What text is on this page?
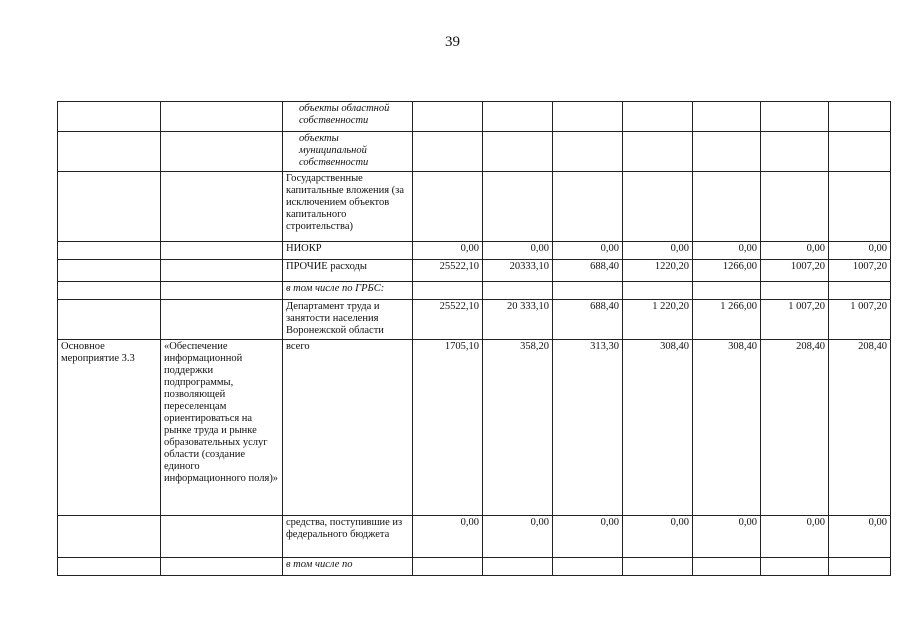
39
		объекты областной собственности							
		объекты муниципальной собственности							
		Государственные капитальные вложения (за исключением объектов капитального строительства)							
		НИОКР	0,00	0,00	0,00	0,00	0,00	0,00	0,00
		ПРОЧИЕ расходы	25522,10	20333,10	688,40	1220,20	1266,00	1007,20	1007,20
		в том числе по ГРБС:							
		Департамент труда и занятости населения Воронежской области	25522,10	20 333,10	688,40	1 220,20	1 266,00	1 007,20	1 007,20
Основное мероприятие 3.3	«Обеспечение информационной поддержки подпрограммы, позволяющей переселенцам ориентироваться на рынке труда и рынке образовательных услуг области (создание единого информационного поля)»	всего	1705,10	358,20	313,30	308,40	308,40	208,40	208,40
		средства, поступившие из федерального бюджета	0,00	0,00	0,00	0,00	0,00	0,00	0,00
		в том числе по							
